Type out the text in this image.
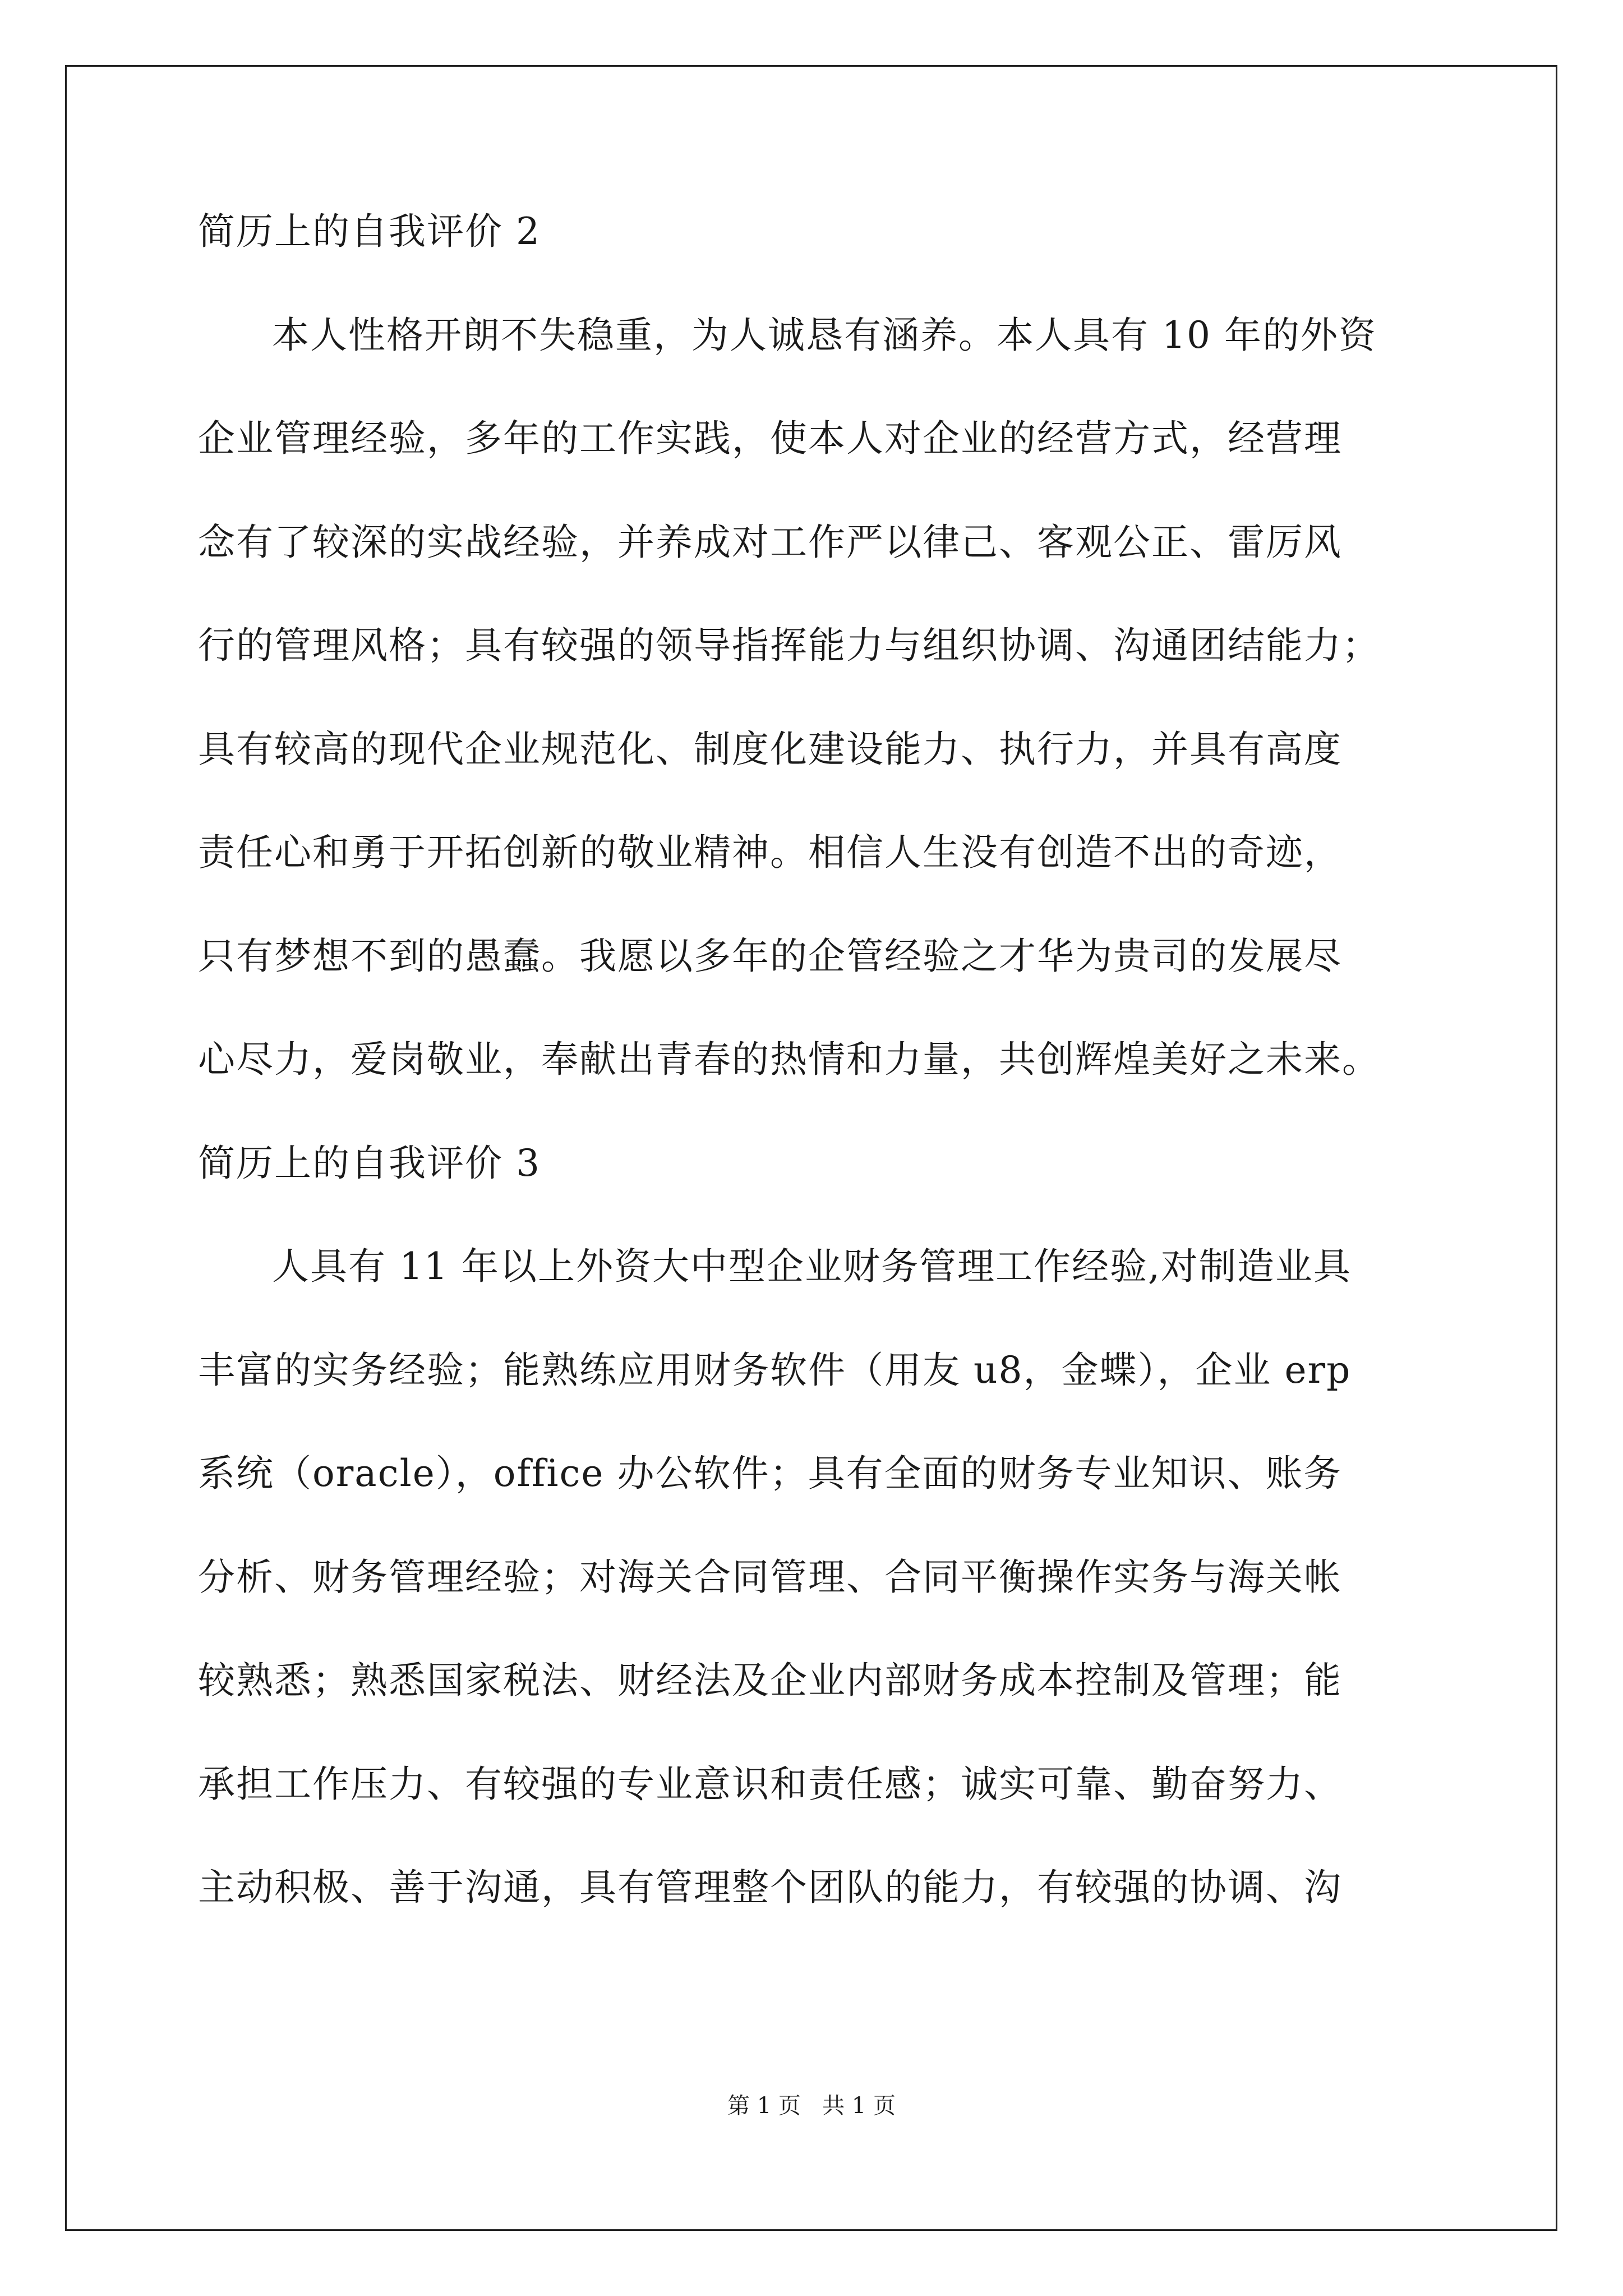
简历上的自我评价 2
本人性格开朗不失稳重，为人诚恳有涵养。本人具有 10 年的外资
企业管理经验，多年的工作实践，使本人对企业的经营方式，经营理
念有了较深的实战经验，并养成对工作严以律己、客观公正、雷厉风
行的管理风格；具有较强的领导指挥能力与组织协调、沟通团结能力；
具有较高的现代企业规范化、制度化建设能力、执行力，并具有高度
责任心和勇于开拓创新的敬业精神。相信人生没有创造不出的奇迹，
只有梦想不到的愚蠢。我愿以多年的企管经验之才华为贵司的发展尽
心尽力，爱岗敬业，奉献出青春的热情和力量，共创辉煌美好之未来。
简历上的自我评价 3
人具有 11 年以上外资大中型企业财务管理工作经验,对制造业具
丰富的实务经验；能熟练应用财务软件（用友 u8，金蝶），企业 erp
系统（oracle），office 办公软件；具有全面的财务专业知识、账务
分析、财务管理经验；对海关合同管理、合同平衡操作实务与海关帐
较熟悉；熟悉国家税法、财经法及企业内部财务成本控制及管理；能
承担工作压力、有较强的专业意识和责任感；诚实可靠、勤奋努力、
主动积极、善于沟通，具有管理整个团队的能力，有较强的协调、沟
第 1 页 共 1 页
